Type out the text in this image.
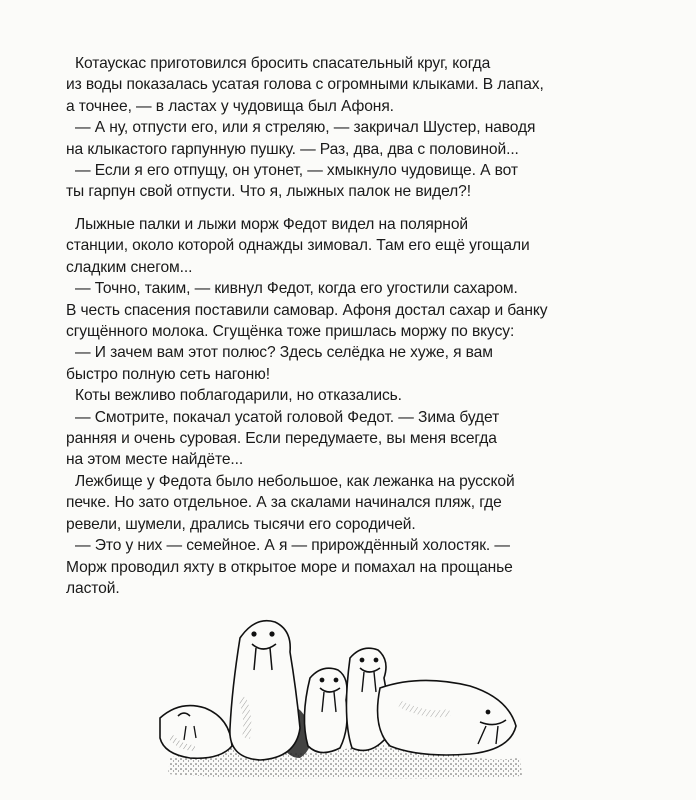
Котаускас приготовился бросить спасательный круг, когда
из воды показалась усатая голова с огромными клыками. В лапах,
а точнее, — в ластах у чудовища был Афоня.
— А ну, отпусти его, или я стреляю, — закричал Шустер, наводя
на клыкастого гарпунную пушку. — Раз, два, два с половиной...
— Если я его отпущу, он утонет, — хмыкнуло чудовище. А вот
ты гарпун свой отпусти. Что я, лыжных палок не видел?!
Лыжные палки и лыжи морж Федот видел на полярной
станции, около которой однажды зимовал. Там его ещё угощали
сладким снегом...
— Точно, таким, — кивнул Федот, когда его угостили сахаром.
В честь спасения поставили самовар. Афоня достал сахар и банку
сгущённого молока. Сгущёнка тоже пришлась моржу по вкусу:
— И зачем вам этот полюс? Здесь селёдка не хуже, я вам
быстро полную сеть нагоню!
Коты вежливо поблагодарили, но отказались.
— Смотрите, покачал усатой головой Федот. — Зима будет
ранняя и очень суровая. Если передумаете, вы меня всегда
на этом месте найдёте...
Лежбище у Федота было небольшое, как лежанка на русской
печке. Но зато отдельное. А за скалами начинался пляж, где
ревели, шумели, дрались тысячи его сородичей.
— Это у них — семейное. А я — прирождённый холостяк. —
Морж проводил яхту в открытое море и помахал на прощанье
ластой.
